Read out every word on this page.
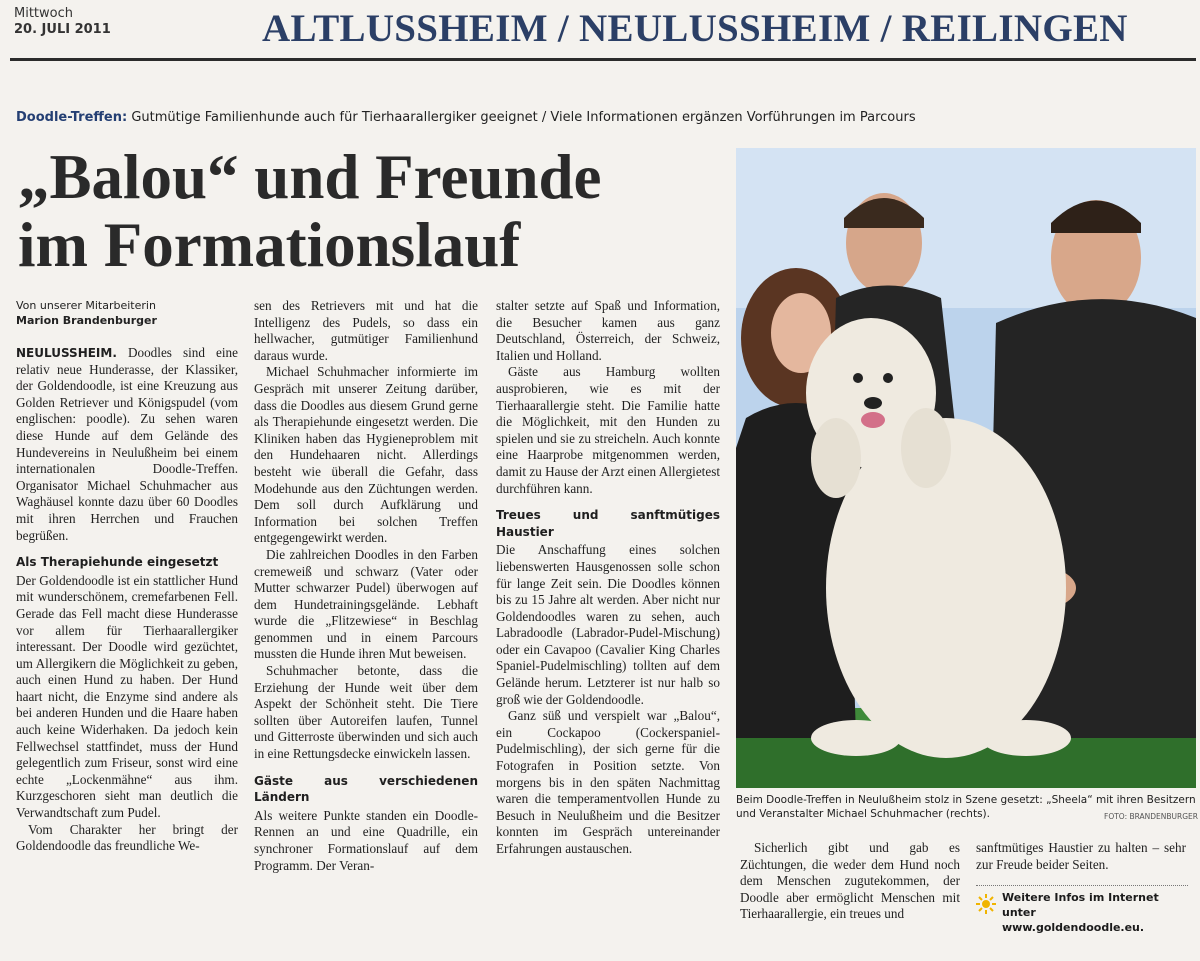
Mittwoch
20. JULI 2011	ALTLUSSHEIM / NEULUSSHEIM / REILINGEN
Doodle-Treffen: Gutmütige Familienhunde auch für Tierhaarallergiker geeignet / Viele Informationen ergänzen Vorführungen im Parcours
„Balou“ und Freunde
im Formationslauf
Von unserer Mitarbeiterin
Marion Brandenburger

NEULUSSHEIM. Doodles sind eine relativ neue Hunderasse, der Klassiker, der Goldendoodle, ist eine Kreuzung aus Golden Retriever und Königspudel (vom englischen: poodle). Zu sehen waren diese Hunde auf dem Gelände des Hundevereins in Neulußheim bei einem internationalen Doodle-Treffen. Organisator Michael Schuhmacher aus Waghäusel konnte dazu über 60 Doodles mit ihren Herrchen und Frauchen begrüßen.

Als Therapiehunde eingesetzt

Der Goldendoodle ist ein stattlicher Hund mit wunderschönem, cremefarbenen Fell. Gerade das Fell macht diese Hunderasse vor allem für Tierhaarallergiker interessant. Der Doodle wird gezüchtet, um Allergikern die Möglichkeit zu geben, auch einen Hund zu haben. Der Hund haart nicht, die Enzyme sind andere als bei anderen Hunden und die Haare haben auch keine Widerhaken. Da jedoch kein Fellwechsel stattfindet, muss der Hund gelegentlich zum Friseur, sonst wird eine echte „Lockenmähne“ aus ihm. Kurzgeschoren sieht man deutlich die Verwandtschaft zum Pudel.

Vom Charakter her bringt der Goldendoodle das freundliche We-

sen des Retrievers mit und hat die Intelligenz des Pudels, so dass ein hellwacher, gutmütiger Familienhund daraus wurde.

Michael Schuhmacher informierte im Gespräch mit unserer Zeitung darüber, dass die Doodles aus diesem Grund gerne als Therapiehunde eingesetzt werden. Die Kliniken haben das Hygieneproblem mit den Hundehaaren nicht. Allerdings besteht wie überall die Gefahr, dass Modehunde aus den Züchtungen werden. Dem soll durch Aufklärung und Information bei solchen Treffen entgegengewirkt werden.

Die zahlreichen Doodles in den Farben cremeweiß und schwarz (Vater oder Mutter schwarzer Pudel) überwogen auf dem Hundetrainingsgelände. Lebhaft wurde die „Flitzewiese“ in Beschlag genommen und in einem Parcours mussten die Hunde ihren Mut beweisen.

Schuhmacher betonte, dass die Erziehung der Hunde weit über dem Aspekt der Schönheit steht. Die Tiere sollten über Autoreifen laufen, Tunnel und Gitterroste überwinden und sich auch in eine Rettungsdecke einwickeln lassen.

Gäste aus verschiedenen Ländern

Als weitere Punkte standen ein Doodle-Rennen an und eine Quadrille, ein synchroner Formationslauf auf dem Programm. Der Veran-

stalter setzte auf Spaß und Information, die Besucher kamen aus ganz Deutschland, Österreich, der Schweiz, Italien und Holland.

Gäste aus Hamburg wollten ausprobieren, wie es mit der Tierhaarallergie steht. Die Familie hatte die Möglichkeit, mit den Hunden zu spielen und sie zu streicheln. Auch konnte eine Haarprobe mitgenommen werden, damit zu Hause der Arzt einen Allergietest durchführen kann.

Treues und sanftmütiges Haustier

Die Anschaffung eines solchen liebenswerten Hausgenossen solle schon für lange Zeit sein. Die Doodles können bis zu 15 Jahre alt werden. Aber nicht nur Goldendoodles waren zu sehen, auch Labradoodle (Labrador-Pudel-Mischung) oder ein Cavapoo (Cavalier King Charles Spaniel-Pudelmischling) tollten auf dem Gelände herum. Letzterer ist nur halb so groß wie der Goldendoodle.

Ganz süß und verspielt war „Balou“, ein Cockapoo (Cockerspaniel-Pudelmischling), der sich gerne für die Fotografen in Position setzte. Von morgens bis in den späten Nachmittag waren die temperamentvollen Hunde zu Besuch in Neulußheim und die Besitzer konnten im Gespräch untereinander Erfahrungen austauschen.

Beim Doodle-Treffen in Neulußheim stolz in Szene gesetzt: „Sheela“ mit ihren Besitzern und Veranstalter Michael Schuhmacher (rechts).	FOTO: BRANDENBURGER

Sicherlich gibt und gab es Züchtungen, die weder dem Hund noch dem Menschen zugutekommen, der Doodle aber ermöglicht Menschen mit Tierhaarallergie, ein treues und

sanftmütiges Haustier zu halten – sehr zur Freude beider Seiten.

Weitere Infos im Internet unter
www.goldendoodle.eu.
